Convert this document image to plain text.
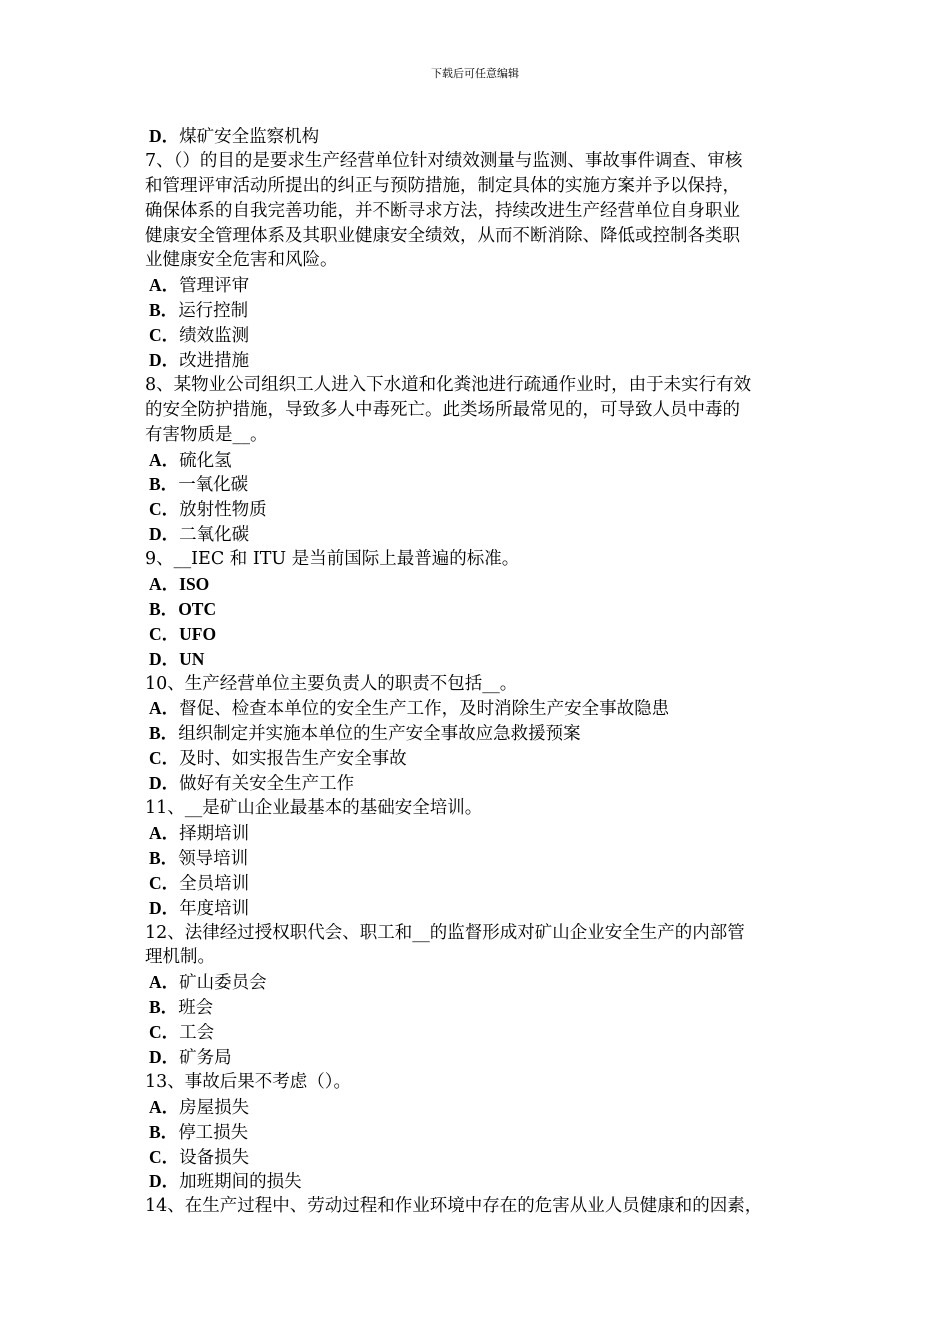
下载后可任意编辑
D．煤矿安全监察机构
7、（）的目的是要求生产经营单位针对绩效测量与监测、事故事件调查、审核
和管理评审活动所提出的纠正与预防措施，制定具体的实施方案并予以保持，
确保体系的自我完善功能，并不断寻求方法，持续改进生产经营单位自身职业
健康安全管理体系及其职业健康安全绩效，从而不断消除、降低或控制各类职
业健康安全危害和风险。
A．管理评审
B．运行控制
C．绩效监测
D．改进措施
8、某物业公司组织工人进入下水道和化粪池进行疏通作业时，由于未实行有效
的安全防护措施，导致多人中毒死亡。此类场所最常见的，可导致人员中毒的
有害物质是__。
A．硫化氢
B．一氧化碳
C．放射性物质
D．二氧化碳
9、__IEC 和 ITU 是当前国际上最普遍的标准。
A．ISO
B．OTC
C．UFO
D．UN
10、生产经营单位主要负责人的职责不包括__。
A．督促、检查本单位的安全生产工作，及时消除生产安全事故隐患
B．组织制定并实施本单位的生产安全事故应急救援预案
C．及时、如实报告生产安全事故
D．做好有关安全生产工作
11、__是矿山企业最基本的基础安全培训。
A．择期培训
B．领导培训
C．全员培训
D．年度培训
12、法律经过授权职代会、职工和__的监督形成对矿山企业安全生产的内部管
理机制。
A．矿山委员会
B．班会
C．工会
D．矿务局
13、事故后果不考虑（）。
A．房屋损失
B．停工损失
C．设备损失
D．加班期间的损失
14、在生产过程中、劳动过程和作业环境中存在的危害从业人员健康和的因素，
